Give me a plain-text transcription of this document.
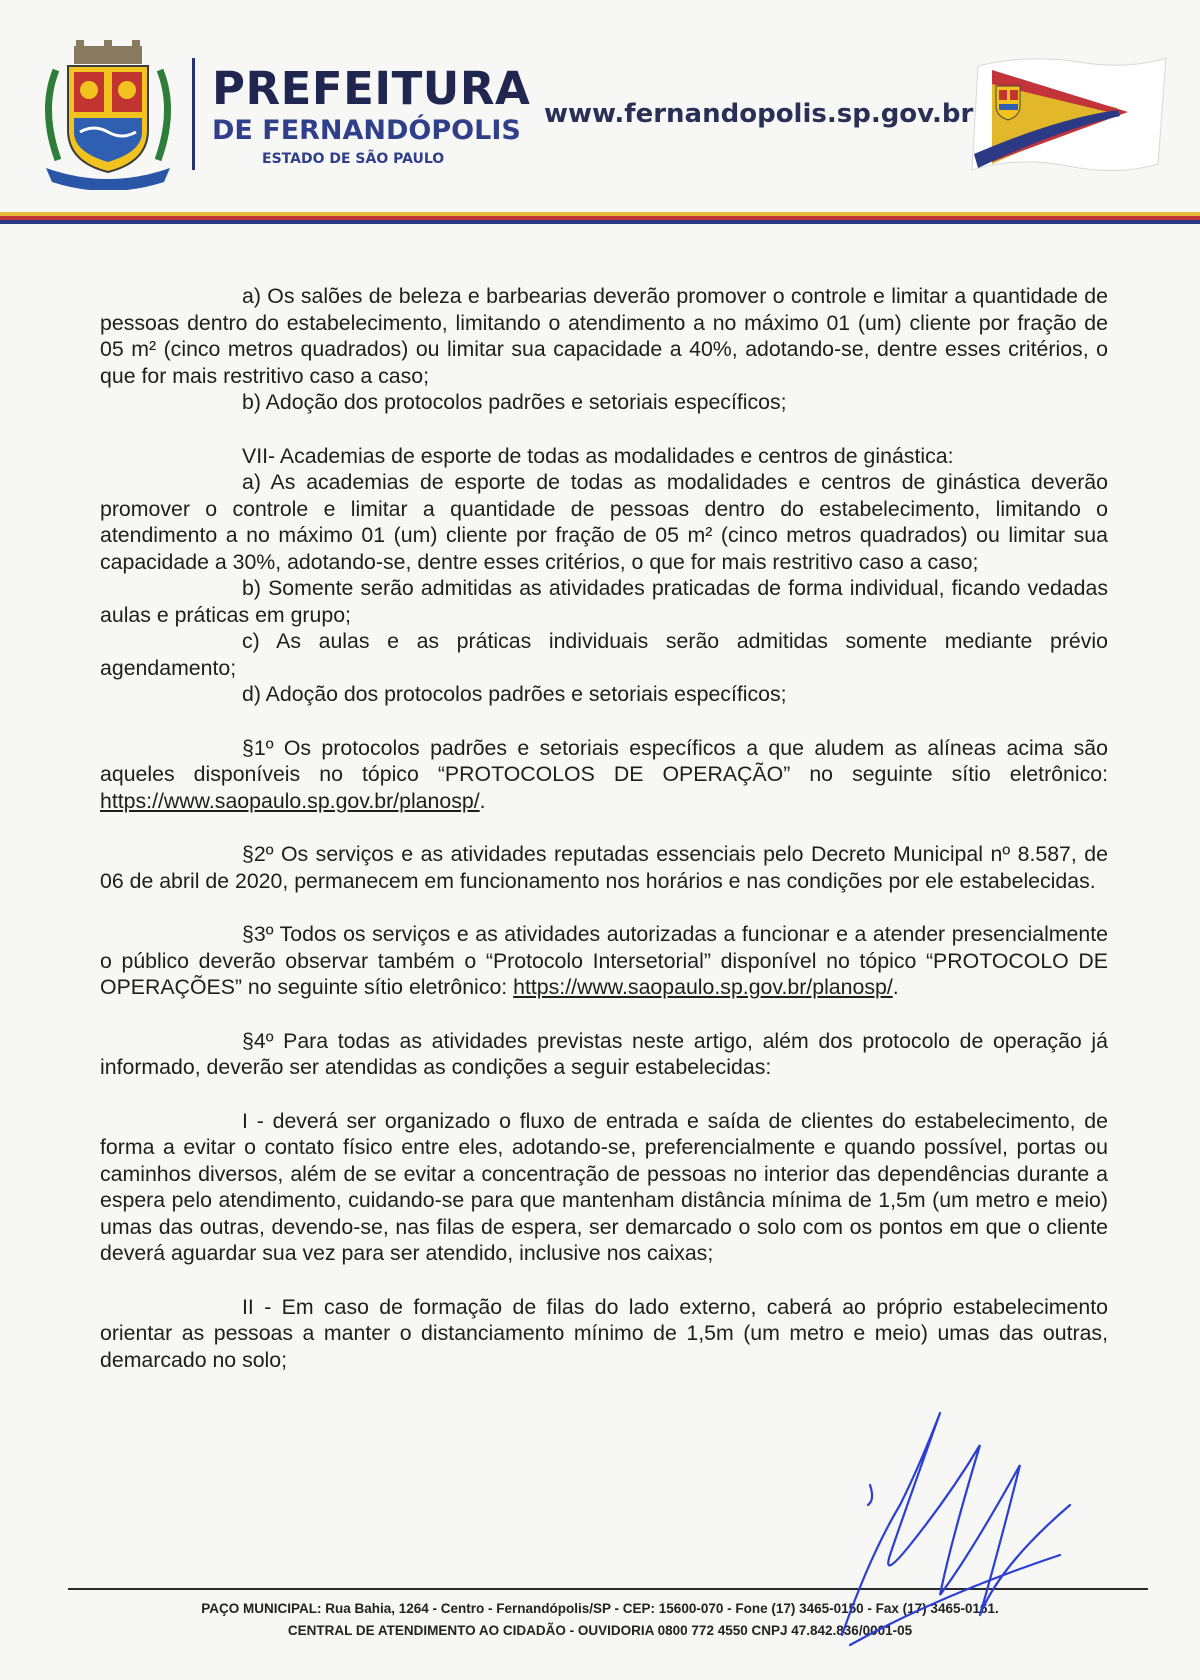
PREFEITURA
DE FERNANDÓPOLIS
ESTADO DE SÃO PAULO
www.fernandopolis.sp.gov.br

a) Os salões de beleza e barbearias deverão promover o controle e limitar a quantidade de pessoas dentro do estabelecimento, limitando o atendimento a no máximo 01 (um) cliente por fração de 05 m² (cinco metros quadrados) ou limitar sua capacidade a 40%, adotando-se, dentre esses critérios, o que for mais restritivo caso a caso;

b) Adoção dos protocolos padrões e setoriais específicos;

VII- Academias de esporte de todas as modalidades e centros de ginástica:

a) As academias de esporte de todas as modalidades e centros de ginástica deverão promover o controle e limitar a quantidade de pessoas dentro do estabelecimento, limitando o atendimento a no máximo 01 (um) cliente por fração de 05 m² (cinco metros quadrados) ou limitar sua capacidade a 30%, adotando-se, dentre esses critérios, o que for mais restritivo caso a caso;

b) Somente serão admitidas as atividades praticadas de forma individual, ficando vedadas aulas e práticas em grupo;

c) As aulas e as práticas individuais serão admitidas somente mediante prévio agendamento;

d) Adoção dos protocolos padrões e setoriais específicos;

§1º Os protocolos padrões e setoriais específicos a que aludem as alíneas acima são aqueles disponíveis no tópico “PROTOCOLOS DE OPERAÇÃO” no seguinte sítio eletrônico: https://www.saopaulo.sp.gov.br/planosp/.

§2º Os serviços e as atividades reputadas essenciais pelo Decreto Municipal nº 8.587, de 06 de abril de 2020, permanecem em funcionamento nos horários e nas condições por ele estabelecidas.

§3º Todos os serviços e as atividades autorizadas a funcionar e a atender presencialmente o público deverão observar também o “Protocolo Intersetorial” disponível no tópico “PROTOCOLO DE OPERAÇÕES” no seguinte sítio eletrônico: https://www.saopaulo.sp.gov.br/planosp/.

§4º Para todas as atividades previstas neste artigo, além dos protocolo de operação já informado, deverão ser atendidas as condições a seguir estabelecidas:

I - deverá ser organizado o fluxo de entrada e saída de clientes do estabelecimento, de forma a evitar o contato físico entre eles, adotando-se, preferencialmente e quando possível, portas ou caminhos diversos, além de se evitar a concentração de pessoas no interior das dependências durante a espera pelo atendimento, cuidando-se para que mantenham distância mínima de 1,5m (um metro e meio) umas das outras, devendo-se, nas filas de espera, ser demarcado o solo com os pontos em que o cliente deverá aguardar sua vez para ser atendido, inclusive nos caixas;

II - Em caso de formação de filas do lado externo, caberá ao próprio estabelecimento orientar as pessoas a manter o distanciamento mínimo de 1,5m (um metro e meio) umas das outras, demarcado no solo;

PAÇO MUNICIPAL: Rua Bahia, 1264 - Centro - Fernandópolis/SP - CEP: 15600-070 - Fone (17) 3465-0150 - Fax (17) 3465-0161.
CENTRAL DE ATENDIMENTO AO CIDADÃO - OUVIDORIA 0800 772 4550 CNPJ 47.842.836/0001-05
